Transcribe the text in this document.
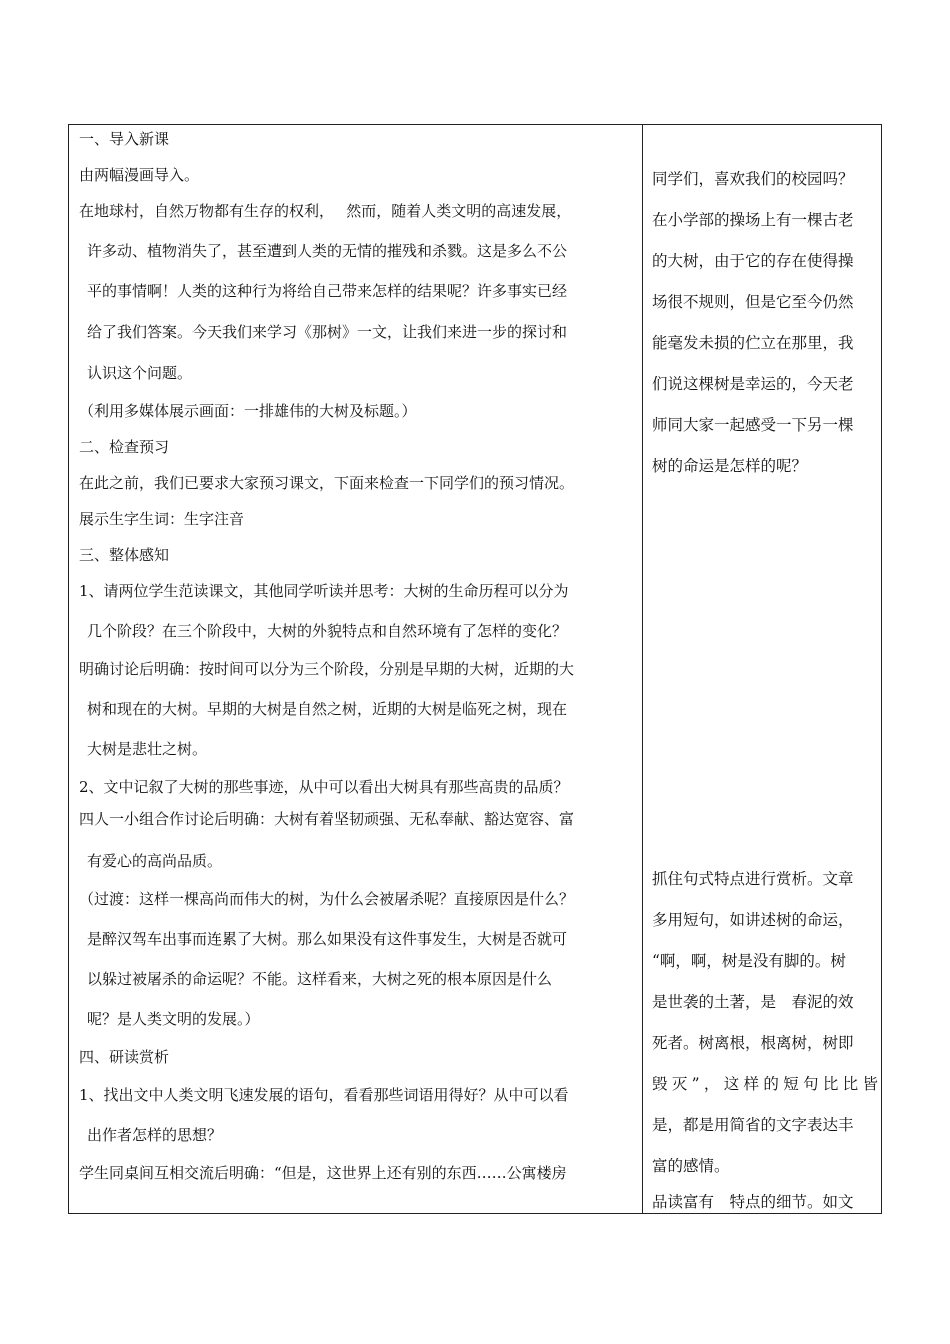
一、导入新课
由两幅漫画导入。
在地球村，自然万物都有生存的权利，　 然而，随着人类文明的高速发展，
许多动、植物消失了，甚至遭到人类的无情的摧残和杀戮。这是多么不公
平的事情啊！人类的这种行为将给自己带来怎样的结果呢？许多事实已经
给了我们答案。今天我们来学习《那树》一文，让我们来进一步的探讨和
认识这个问题。
（利用多媒体展示画面：一排雄伟的大树及标题。）
二、检查预习
在此之前，我们已要求大家预习课文，下面来检查一下同学们的预习情况。
展示生字生词：生字注音
三、整体感知
1、请两位学生范读课文，其他同学听读并思考：大树的生命历程可以分为
几个阶段？在三个阶段中，大树的外貌特点和自然环境有了怎样的变化？
明确讨论后明确：按时间可以分为三个阶段，分别是早期的大树，近期的大
树和现在的大树。早期的大树是自然之树，近期的大树是临死之树，现在
大树是悲壮之树。
2、文中记叙了大树的那些事迹，从中可以看出大树具有那些高贵的品质？
四人一小组合作讨论后明确：大树有着坚韧顽强、无私奉献、豁达宽容、富
有爱心的高尚品质。
（过渡：这样一棵高尚而伟大的树，为什么会被屠杀呢？直接原因是什么？
是醉汉驾车出事而连累了大树。那么如果没有这件事发生，大树是否就可
以躲过被屠杀的命运呢？不能。这样看来，大树之死的根本原因是什么
呢？是人类文明的发展。）
四、研读赏析
1、找出文中人类文明飞速发展的语句，看看那些词语用得好？从中可以看
出作者怎样的思想？
学生同桌间互相交流后明确：“但是，这世界上还有别的东西……公寓楼房
同学们，喜欢我们的校园吗？
在小学部的操场上有一棵古老
的大树，由于它的存在使得操
场很不规则，但是它至今仍然
能毫发未损的伫立在那里，我
们说这棵树是幸运的，今天老
师同大家一起感受一下另一棵
树的命运是怎样的呢？
抓住句式特点进行赏析。文章
多用短句，如讲述树的命运，
“啊，啊，树是没有脚的。树
是世袭的土著，是　春泥的效
死者。树离根，根离树，树即
毁灭”，这样的短句比比皆
是，都是用简省的文字表达丰
富的感情。
品读富有　特点的细节。如文
